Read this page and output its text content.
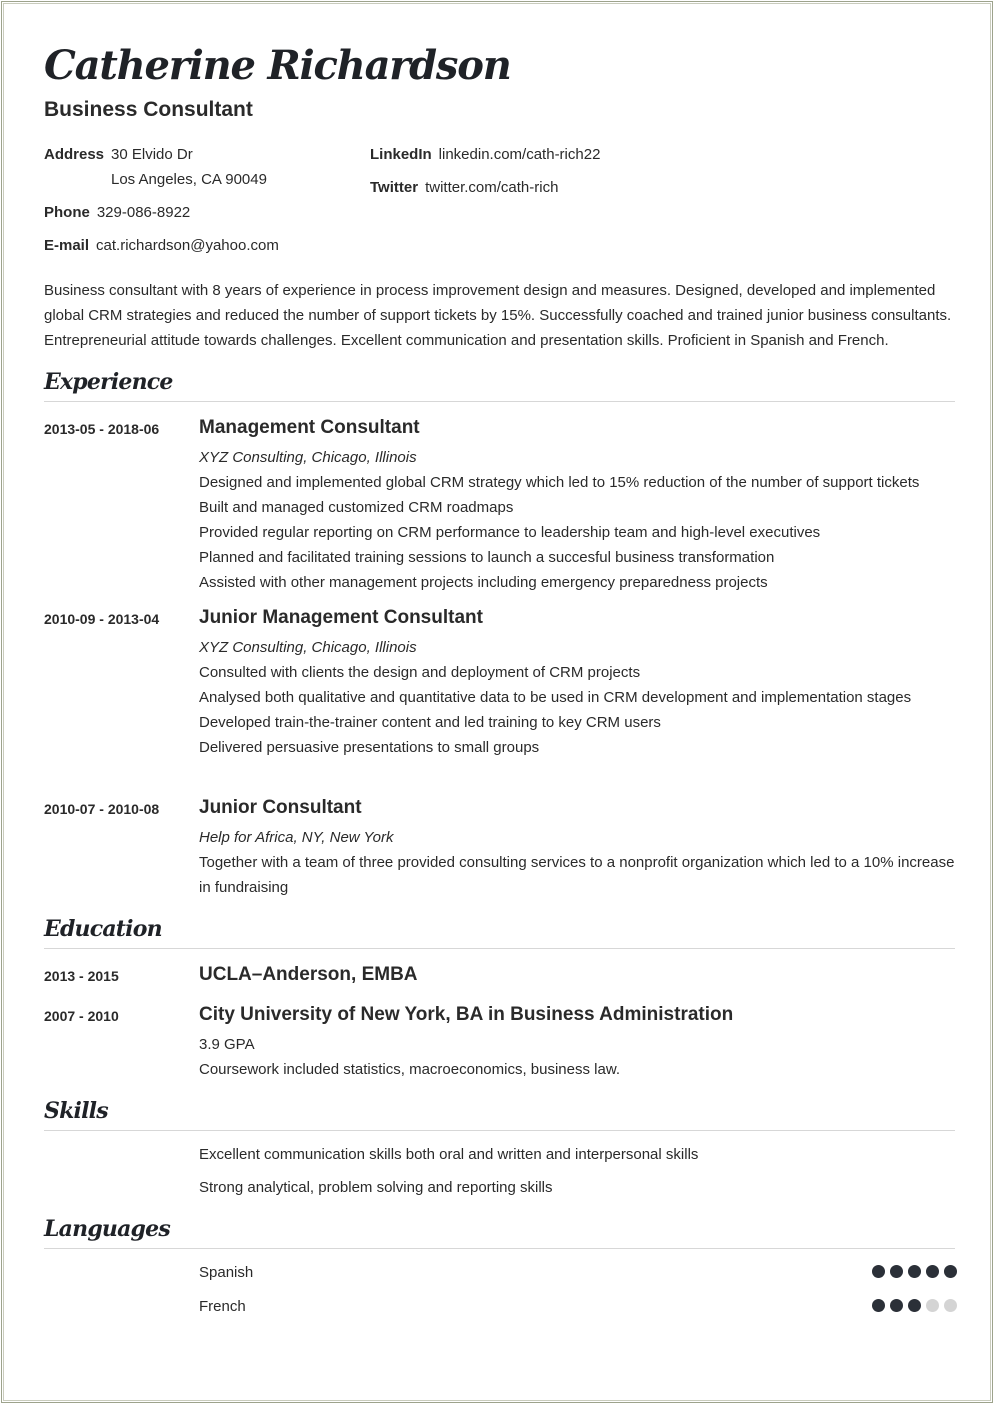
Catherine Richardson
Business Consultant
Address 30 Elvido Dr
Los Angeles, CA 90049
Phone 329-086-8922
E-mail cat.richardson@yahoo.com
LinkedIn linkedin.com/cath-rich22
Twitter twitter.com/cath-rich

Business consultant with 8 years of experience in process improvement design and measures. Designed, developed and implemented global CRM strategies and reduced the number of support tickets by 15%. Successfully coached and trained junior business consultants. Entrepreneurial attitude towards challenges. Excellent communication and presentation skills. Proficient in Spanish and French.

Experience
2013-05 - 2018-06 Management Consultant
XYZ Consulting, Chicago, Illinois
Designed and implemented global CRM strategy which led to 15% reduction of the number of support tickets
Built and managed customized CRM roadmaps
Provided regular reporting on CRM performance to leadership team and high-level executives
Planned and facilitated training sessions to launch a succesful business transformation
Assisted with other management projects including emergency preparedness projects
2010-09 - 2013-04 Junior Management Consultant
XYZ Consulting, Chicago, Illinois
Consulted with clients the design and deployment of CRM projects
Analysed both qualitative and quantitative data to be used in CRM development and implementation stages
Developed train-the-trainer content and led training to key CRM users
Delivered persuasive presentations to small groups
2010-07 - 2010-08 Junior Consultant
Help for Africa, NY, New York
Together with a team of three provided consulting services to a nonprofit organization which led to a 10% increase in fundraising
Education
2013 - 2015	UCLA–Anderson, EMBA
2007 - 2010	City University of New York, BA in Business Administration
3.9 GPA
Coursework included statistics, macroeconomics, business law.
Skills
Excellent communication skills both oral and written and interpersonal skills
Strong analytical, problem solving and reporting skills
Languages
Spanish
French
